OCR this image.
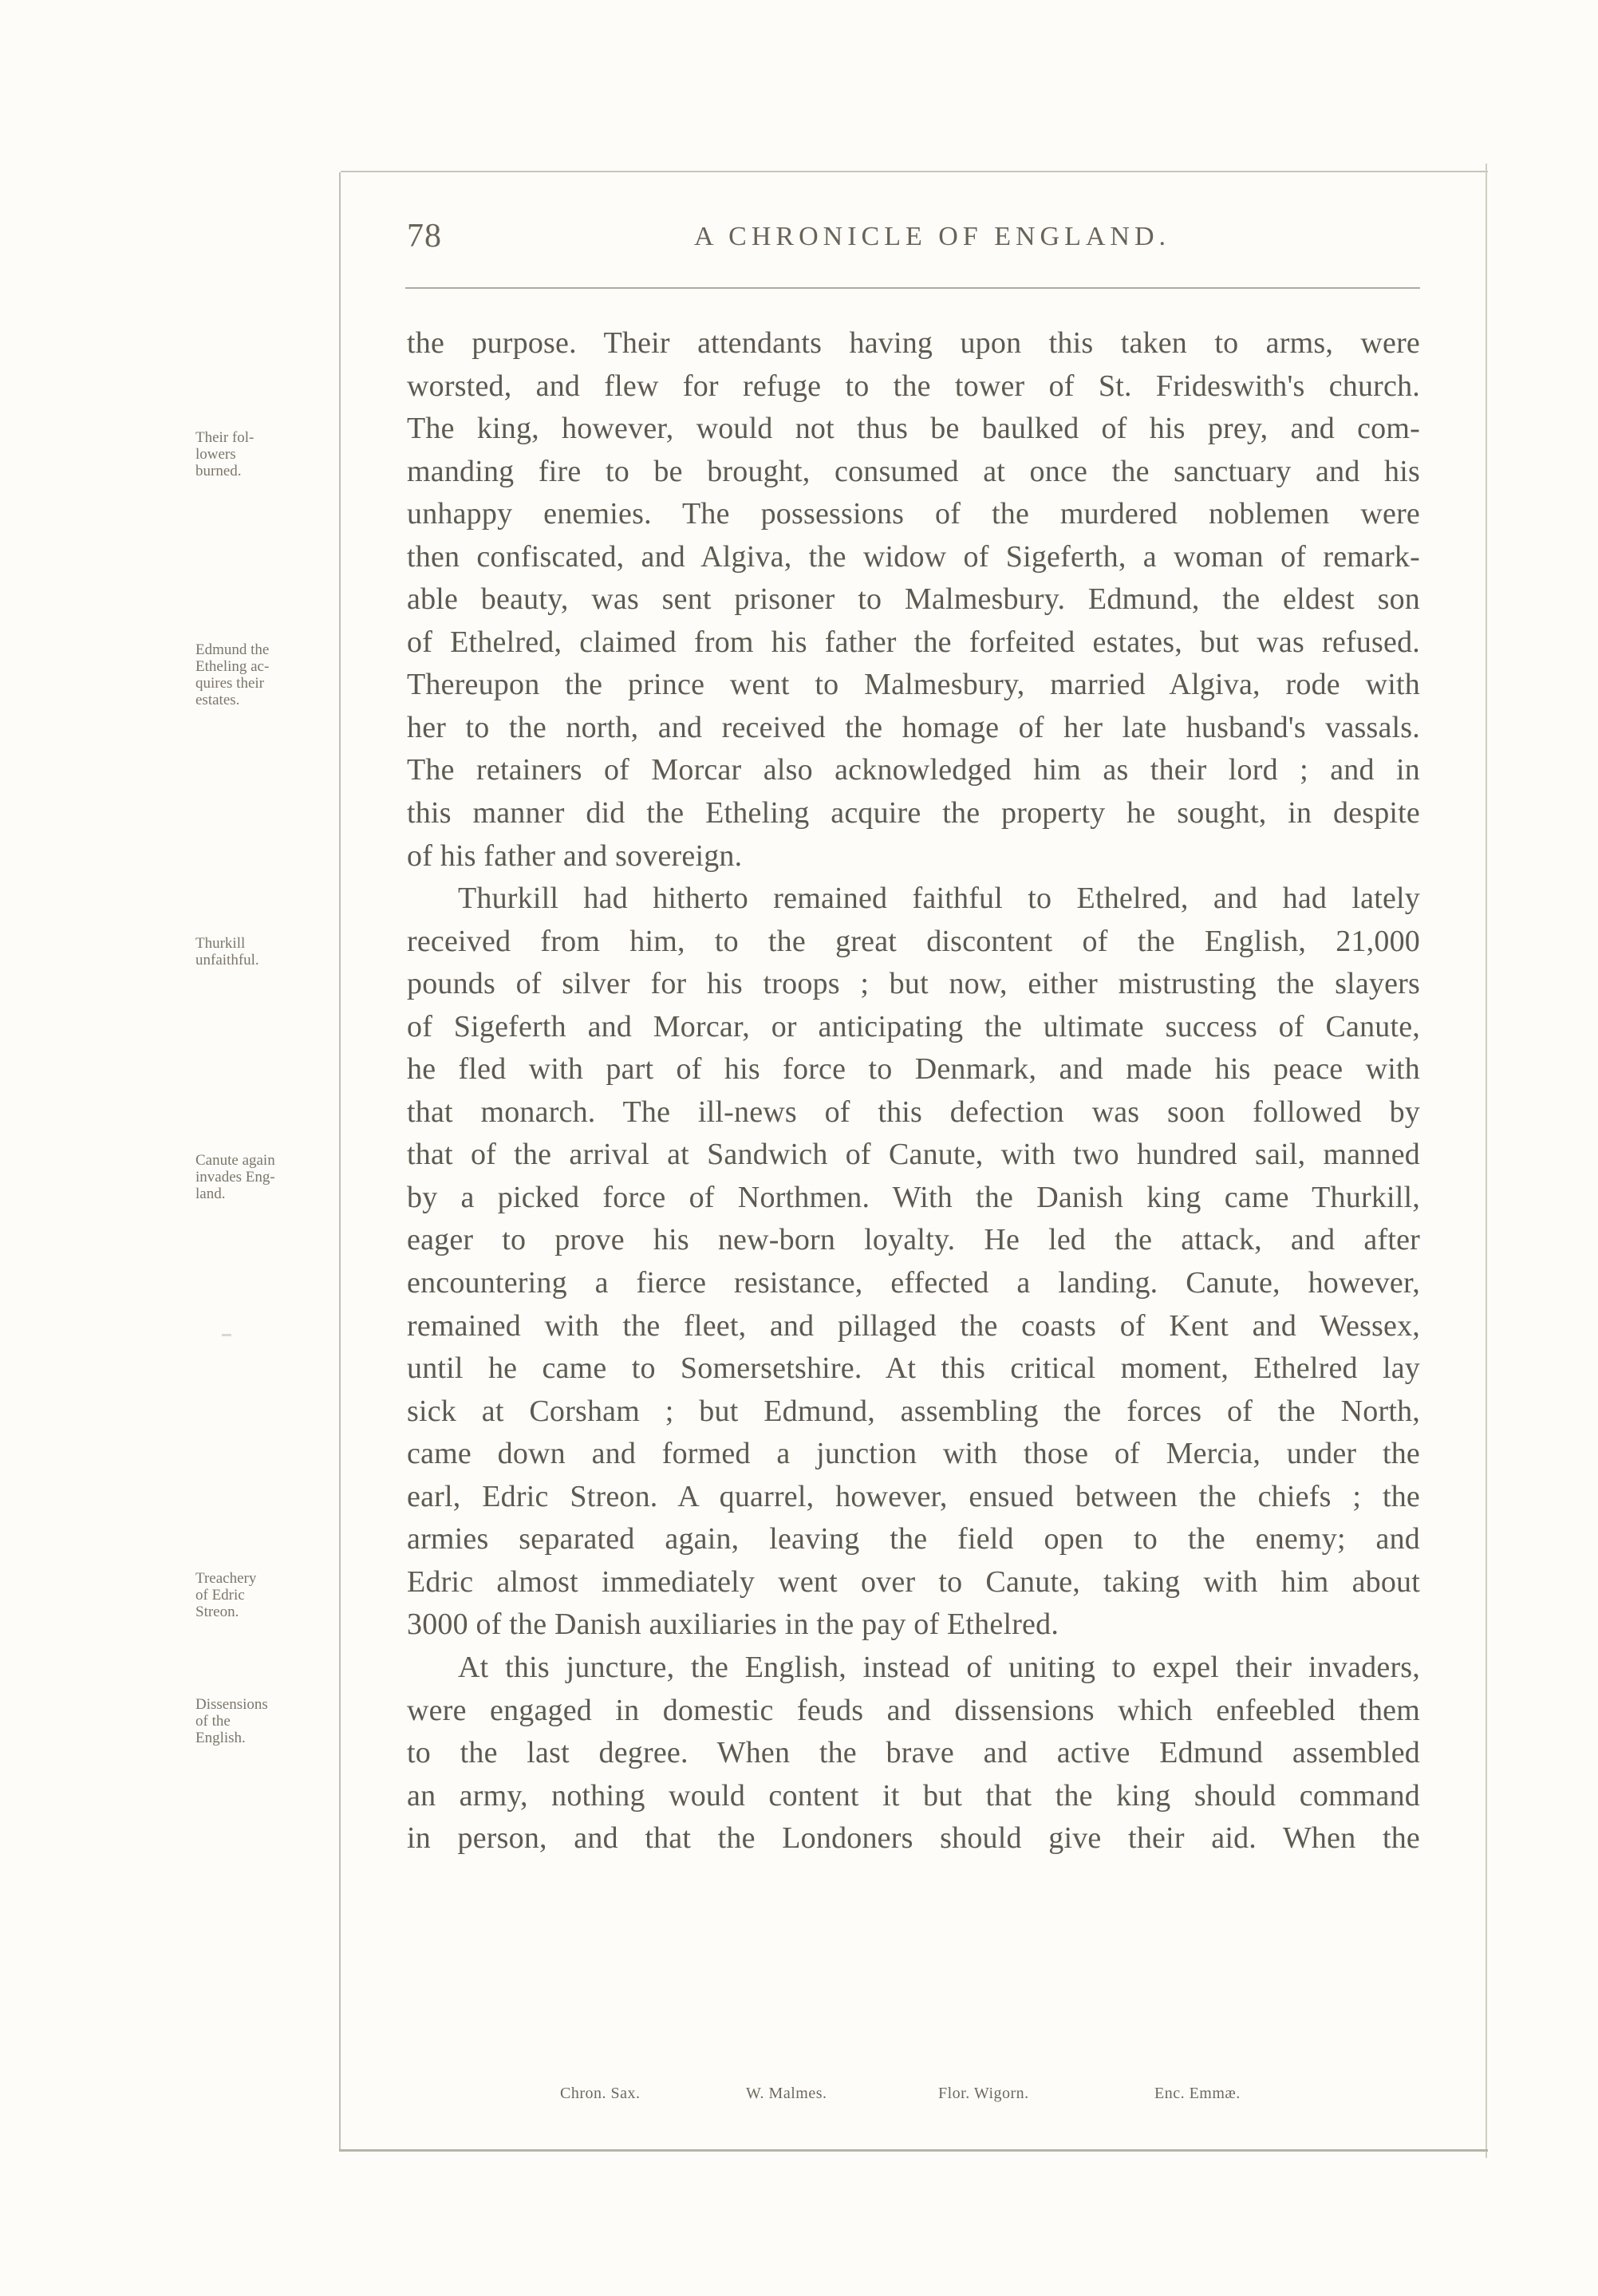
78	A CHRONICLE OF ENGLAND.
Their fol-
lowers
burned.
Edmund the
Etheling ac-
quires their
estates.
Thurkill
unfaithful.
Canute again
invades Eng-
land.
Treachery
of Edric
Streon.
Dissensions
of the
English.
the purpose. Their attendants having upon this taken to arms, were
worsted, and flew for refuge to the tower of St. Frideswith's church.
The king, however, would not thus be baulked of his prey, and com-
manding fire to be brought, consumed at once the sanctuary and his
unhappy enemies. The possessions of the murdered noblemen were
then confiscated, and Algiva, the widow of Sigeferth, a woman of remark-
able beauty, was sent prisoner to Malmesbury. Edmund, the eldest son
of Ethelred, claimed from his father the forfeited estates, but was refused.
Thereupon the prince went to Malmesbury, married Algiva, rode with
her to the north, and received the homage of her late husband's vassals.
The retainers of Morcar also acknowledged him as their lord ; and in
this manner did the Etheling acquire the property he sought, in despite
of his father and sovereign.
Thurkill had hitherto remained faithful to Ethelred, and had lately
received from him, to the great discontent of the English, 21,000
pounds of silver for his troops ; but now, either mistrusting the slayers
of Sigeferth and Morcar, or anticipating the ultimate success of Canute,
he fled with part of his force to Denmark, and made his peace with
that monarch. The ill-news of this defection was soon followed by
that of the arrival at Sandwich of Canute, with two hundred sail, manned
by a picked force of Northmen. With the Danish king came Thurkill,
eager to prove his new-born loyalty. He led the attack, and after
encountering a fierce resistance, effected a landing. Canute, however,
remained with the fleet, and pillaged the coasts of Kent and Wessex,
until he came to Somersetshire. At this critical moment, Ethelred lay
sick at Corsham ; but Edmund, assembling the forces of the North,
came down and formed a junction with those of Mercia, under the
earl, Edric Streon. A quarrel, however, ensued between the chiefs ; the
armies separated again, leaving the field open to the enemy; and
Edric almost immediately went over to Canute, taking with him about
3000 of the Danish auxiliaries in the pay of Ethelred.
At this juncture, the English, instead of uniting to expel their invaders,
were engaged in domestic feuds and dissensions which enfeebled them
to the last degree. When the brave and active Edmund assembled
an army, nothing would content it but that the king should command
in person, and that the Londoners should give their aid. When the
Chron. Sax.	W. Malmes.	Flor. Wigorn.	Enc. Emmæ.
